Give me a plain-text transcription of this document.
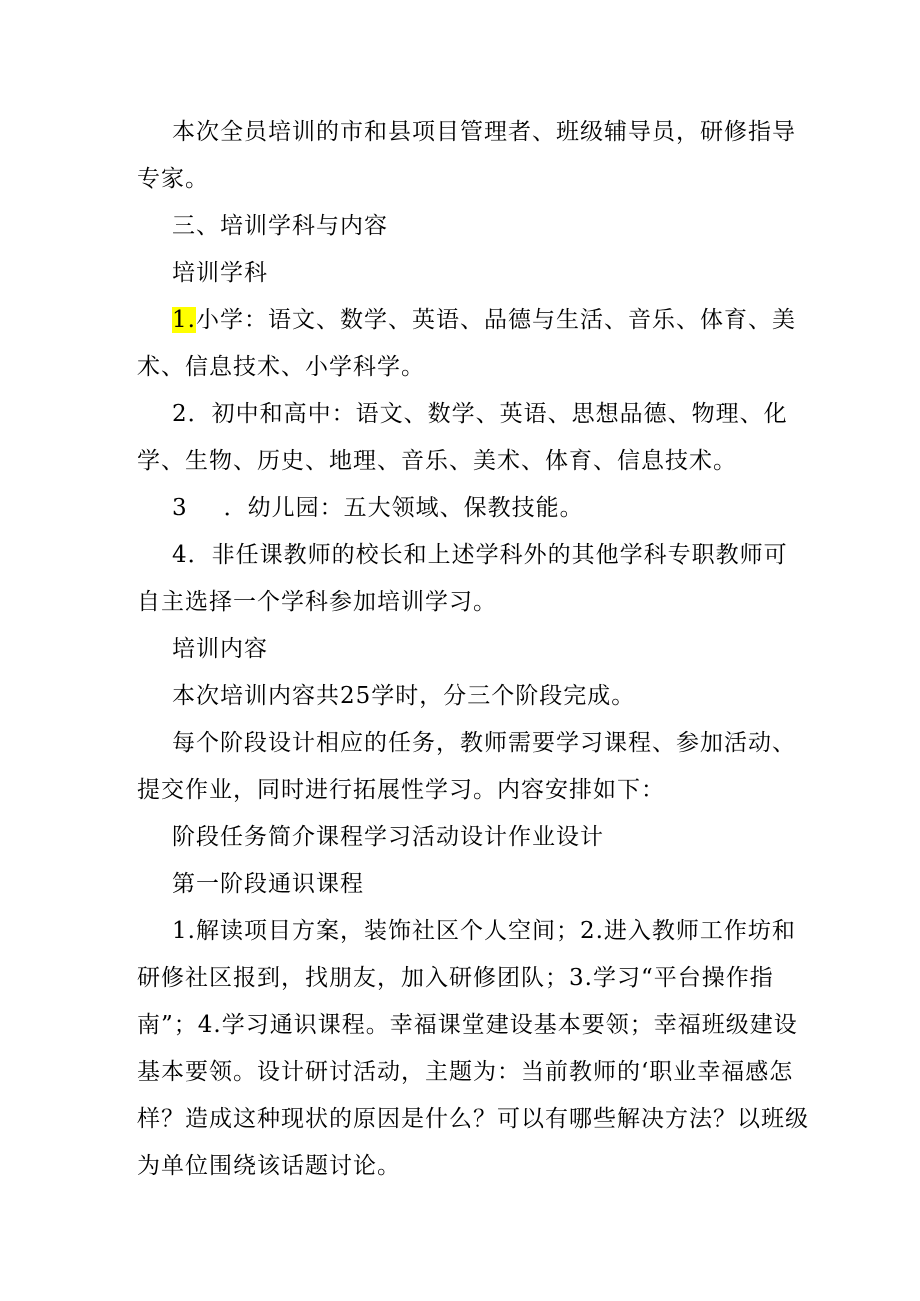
本次全员培训的市和县项目管理者、班级辅导员，研修指导
专家。
三、培训学科与内容
培训学科
1.小学：语文、数学、英语、品德与生活、音乐、体育、美
术、信息技术、小学科学。
2．初中和高中：语文、数学、英语、思想品德、物理、化
学、生物、历史、地理、音乐、美术、体育、信息技术。
3 ．幼儿园：五大领域、保教技能。
4．非任课教师的校长和上述学科外的其他学科专职教师可
自主选择一个学科参加培训学习。
培训内容
本次培训内容共25学时，分三个阶段完成。
每个阶段设计相应的任务，教师需要学习课程、参加活动、
提交作业，同时进行拓展性学习。内容安排如下：
阶段任务简介课程学习活动设计作业设计
第一阶段通识课程
1.解读项目方案，装饰社区个人空间；2.进入教师工作坊和
研修社区报到，找朋友，加入研修团队；3.学习“平台操作指
南”；4.学习通识课程。幸福课堂建设基本要领；幸福班级建设
基本要领。设计研讨活动，主题为：当前教师的‘职业幸福感怎
样？造成这种现状的原因是什么？可以有哪些解决方法？以班级
为单位围绕该话题讨论。
